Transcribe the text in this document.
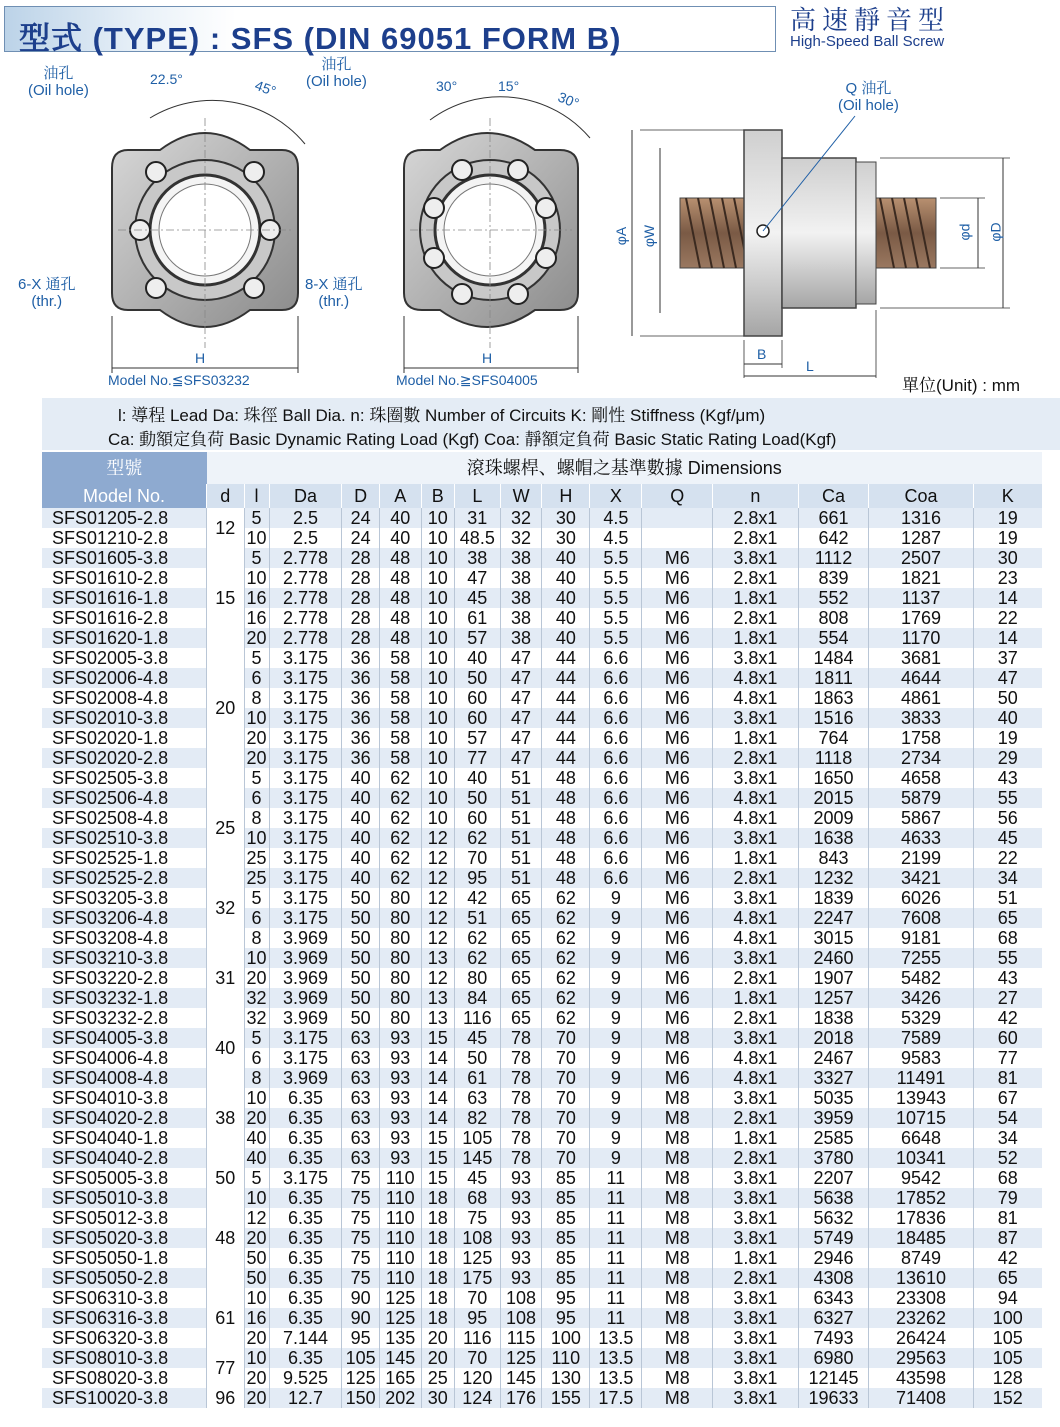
型式 (TYPE) : SFS (DIN 69051 FORM B)
高速靜音型
High-Speed Ball Screw
油孔
(Oil hole)
22.5°	45°
6-X 通孔
(thr.)
H
Model No.≦SFS03232
油孔
(Oil hole)	30°	15°
30°
8-X 通孔
(thr.)
H
Model No.≧SFS04005
Q 油孔
(Oil hole)
φA φW	φd φD
B
L
單位(Unit) : mm
l: 導程 Lead Da: 珠徑 Ball Dia. n: 珠圈數 Number of Circuits K: 剛性 Stiffness (Kgf/μm)
Ca: 動額定負荷 Basic Dynamic Rating Load (Kgf) Coa: 靜額定負荷 Basic Static Rating Load(Kgf)
型號	滾珠螺桿、螺帽之基準數據 Dimensions														
Model No.	d	l	Da	D	A	B	L	W	H	X	Q	n	Ca	Coa	K
SFS01205-2.8	12	5	2.5	24	40	10	31	32	30	4.5		2.8x1	661	1316	19
SFS01210-2.8		10	2.5	24	40	10	48.5	32	30	4.5		2.8x1	642	1287	19
SFS01605-3.8	15	5	2.778	28	48	10	38	38	40	5.5	M6	3.8x1	1112	2507	30
SFS01610-2.8		10	2.778	28	48	10	47	38	40	5.5	M6	2.8x1	839	1821	23
SFS01616-1.8		16	2.778	28	48	10	45	38	40	5.5	M6	1.8x1	552	1137	14
SFS01616-2.8		16	2.778	28	48	10	61	38	40	5.5	M6	2.8x1	808	1769	22
SFS01620-1.8		20	2.778	28	48	10	57	38	40	5.5	M6	1.8x1	554	1170	14
SFS02005-3.8	20	5	3.175	36	58	10	40	47	44	6.6	M6	3.8x1	1484	3681	37
SFS02006-4.8		6	3.175	36	58	10	50	47	44	6.6	M6	4.8x1	1811	4644	47
SFS02008-4.8		8	3.175	36	58	10	60	47	44	6.6	M6	4.8x1	1863	4861	50
SFS02010-3.8		10	3.175	36	58	10	60	47	44	6.6	M6	3.8x1	1516	3833	40
SFS02020-1.8		20	3.175	36	58	10	57	47	44	6.6	M6	1.8x1	764	1758	19
SFS02020-2.8		20	3.175	36	58	10	77	47	44	6.6	M6	2.8x1	1118	2734	29
SFS02505-3.8	25	5	3.175	40	62	10	40	51	48	6.6	M6	3.8x1	1650	4658	43
SFS02506-4.8		6	3.175	40	62	10	50	51	48	6.6	M6	4.8x1	2015	5879	55
SFS02508-4.8		8	3.175	40	62	10	60	51	48	6.6	M6	4.8x1	2009	5867	56
SFS02510-3.8		10	3.175	40	62	12	62	51	48	6.6	M6	3.8x1	1638	4633	45
SFS02525-1.8		25	3.175	40	62	12	70	51	48	6.6	M6	1.8x1	843	2199	22
SFS02525-2.8		25	3.175	40	62	12	95	51	48	6.6	M6	2.8x1	1232	3421	34
SFS03205-3.8	32	5	3.175	50	80	12	42	65	62	9	M6	3.8x1	1839	6026	51
SFS03206-4.8		6	3.175	50	80	12	51	65	62	9	M6	4.8x1	2247	7608	65
SFS03208-4.8	31	8	3.969	50	80	12	62	65	62	9	M6	4.8x1	3015	9181	68
SFS03210-3.8		10	3.969	50	80	13	62	65	62	9	M6	3.8x1	2460	7255	55
SFS03220-2.8		20	3.969	50	80	12	80	65	62	9	M6	2.8x1	1907	5482	43
SFS03232-1.8		32	3.969	50	80	13	84	65	62	9	M6	1.8x1	1257	3426	27
SFS03232-2.8		32	3.969	50	80	13	116	65	62	9	M6	2.8x1	1838	5329	42
SFS04005-3.8	40	5	3.175	63	93	15	45	78	70	9	M8	3.8x1	2018	7589	60
SFS04006-4.8		6	3.175	63	93	14	50	78	70	9	M6	4.8x1	2467	9583	77
SFS04008-4.8	38	8	3.969	63	93	14	61	78	70	9	M6	4.8x1	3327	11491	81
SFS04010-3.8		10	6.35	63	93	14	63	78	70	9	M8	3.8x1	5035	13943	67
SFS04020-2.8		20	6.35	63	93	14	82	78	70	9	M8	2.8x1	3959	10715	54
SFS04040-1.8		40	6.35	63	93	15	105	78	70	9	M8	1.8x1	2585	6648	34
SFS04040-2.8		40	6.35	63	93	15	145	78	70	9	M8	2.8x1	3780	10341	52
SFS05005-3.8	50	5	3.175	75	110	15	45	93	85	11	M8	3.8x1	2207	9542	68
SFS05010-3.8	48	10	6.35	75	110	18	68	93	85	11	M8	3.8x1	5638	17852	79
SFS05012-3.8		12	6.35	75	110	18	75	93	85	11	M8	3.8x1	5632	17836	81
SFS05020-3.8		20	6.35	75	110	18	108	93	85	11	M8	3.8x1	5749	18485	87
SFS05050-1.8		50	6.35	75	110	18	125	93	85	11	M8	1.8x1	2946	8749	42
SFS05050-2.8		50	6.35	75	110	18	175	93	85	11	M8	2.8x1	4308	13610	65
SFS06310-3.8	61	10	6.35	90	125	18	70	108	95	11	M8	3.8x1	6343	23308	94
SFS06316-3.8		16	6.35	90	125	18	95	108	95	11	M8	3.8x1	6327	23262	100
SFS06320-3.8		20	7.144	95	135	20	116	115	100	13.5	M8	3.8x1	7493	26424	105
SFS08010-3.8	77	10	6.35	105	145	20	70	125	110	13.5	M8	3.8x1	6980	29563	105
SFS08020-3.8		20	9.525	125	165	25	120	145	130	13.5	M8	3.8x1	12145	43598	128
SFS10020-3.8	96	20	12.7	150	202	30	124	176	155	17.5	M8	3.8x1	19633	71408	152
